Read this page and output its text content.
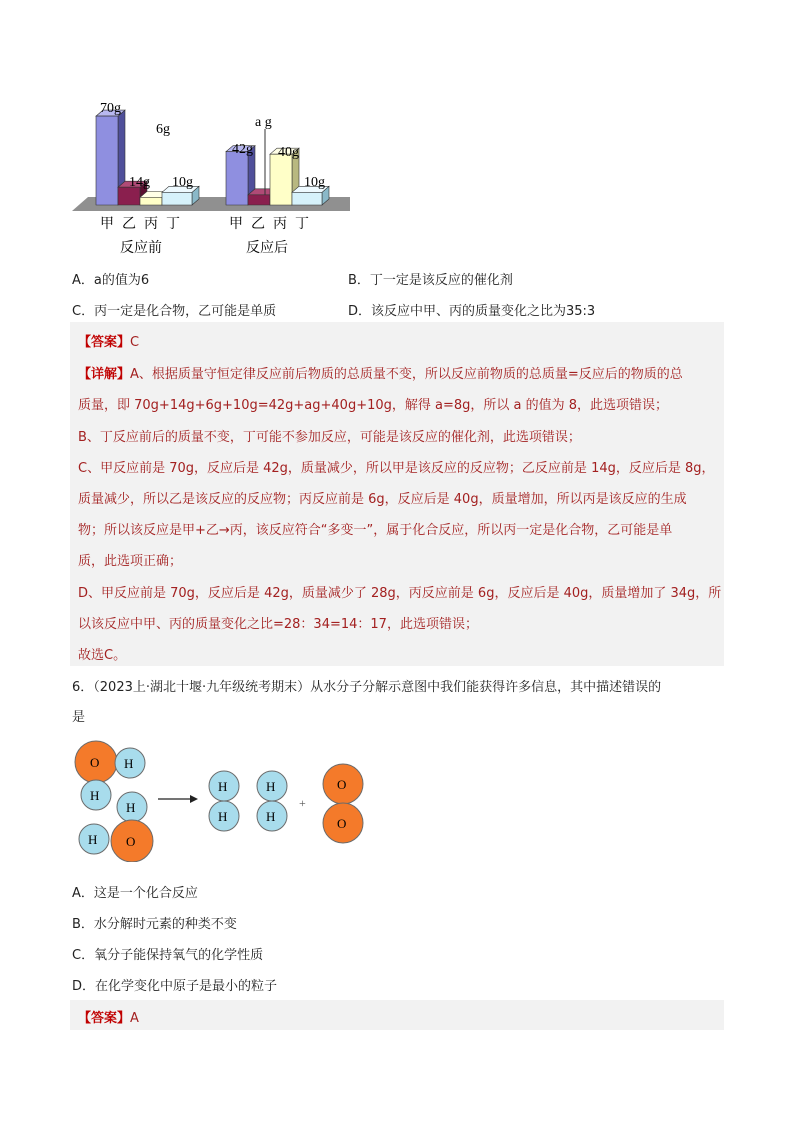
70g
14g
6g
10g
42g
a g
40g
10g
甲 乙 丙 丁	甲 乙 丙 丁
反应前	反应后
A．a的值为6	B．丁一定是该反应的催化剂
C．丙一定是化合物，乙可能是单质	D．该反应中甲、丙的质量变化之比为35:3
【答案】C
【详解】A、根据质量守恒定律反应前后物质的总质量不变，所以反应前物质的总质量=反应后的物质的总
质量，即 70g+14g+6g+10g=42g+ag+40g+10g，解得 a=8g，所以 a 的值为 8，此选项错误；
B、丁反应前后的质量不变，丁可能不参加反应，可能是该反应的催化剂，此选项错误；
C、甲反应前是 70g，反应后是 42g，质量减少，所以甲是该反应的反应物；乙反应前是 14g，反应后是 8g，
质量减少，所以乙是该反应的反应物；丙反应前是 6g，反应后是 40g，质量增加，所以丙是该反应的生成
物；所以该反应是甲+乙→丙，该反应符合“多变一”，属于化合反应，所以丙一定是化合物，乙可能是单
质，此选项正确；
D、甲反应前是 70g，反应后是 42g，质量减少了 28g，丙反应前是 6g，反应后是 40g，质量增加了 34g，所
以该反应中甲、丙的质量变化之比=28：34=14：17，此选项错误；
故选C。
6．（2023上·湖北十堰·九年级统考期末）从水分子分解示意图中我们能获得许多信息，其中描述错误的
是
O H
H
H
H O
H
H
H
H
+
O
O
A．这是一个化合反应
B．水分解时元素的种类不变
C．氧分子能保持氧气的化学性质
D．在化学变化中原子是最小的粒子
【答案】A
